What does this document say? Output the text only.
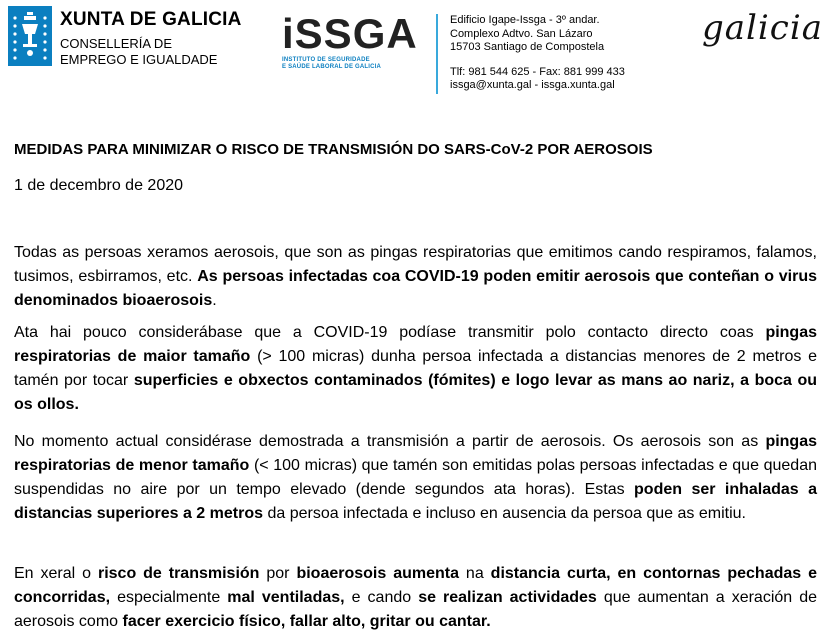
XUNTA DE GALICIA
CONSELLERÍA DE
EMPREGO E IGUALDADE
iSSGA
INSTITUTO DE SEGURIDADE
E SAÚDE LABORAL DE GALICIA
Edificio Igape-Issga - 3º andar.
Complexo Adtvo. San Lázaro
15703 Santiago de Compostela
Tlf: 981 544 625 - Fax: 881 999 433
issga@xunta.gal - issga.xunta.gal
galicia
MEDIDAS PARA MINIMIZAR O RISCO DE TRANSMISIÓN DO SARS-CoV-2 POR AEROSOIS
1 de decembro de 2020

Todas as persoas xeramos aerosois, que son as pingas respiratorias que emitimos cando respiramos, falamos, tusimos, esbirramos, etc. As persoas infectadas coa COVID-19 poden emitir aerosois que conteñan o virus denominados bioaerosois.

Ata hai pouco considerábase que a COVID-19 podíase transmitir polo contacto directo coas pingas respiratorias de maior tamaño (> 100 micras) dunha persoa infectada a distancias menores de 2 metros e tamén por tocar superficies e obxectos contaminados (fómites) e logo levar as mans ao nariz, a boca ou os ollos.

No momento actual considérase demostrada a transmisión a partir de aerosois. Os aerosois son as pingas respiratorias de menor tamaño (< 100 micras) que tamén son emitidas polas persoas infectadas e que quedan suspendidas no aire por un tempo elevado (dende segundos ata horas). Estas poden ser inhaladas a distancias superiores a 2 metros da persoa infectada e incluso en ausencia da persoa que as emitiu.

En xeral o risco de transmisión por bioaerosois aumenta na distancia curta, en contornas pechadas e concorridas, especialmente mal ventiladas, e cando se realizan actividades que aumentan a xeración de aerosois como facer exercicio físico, fallar alto, gritar ou cantar.
